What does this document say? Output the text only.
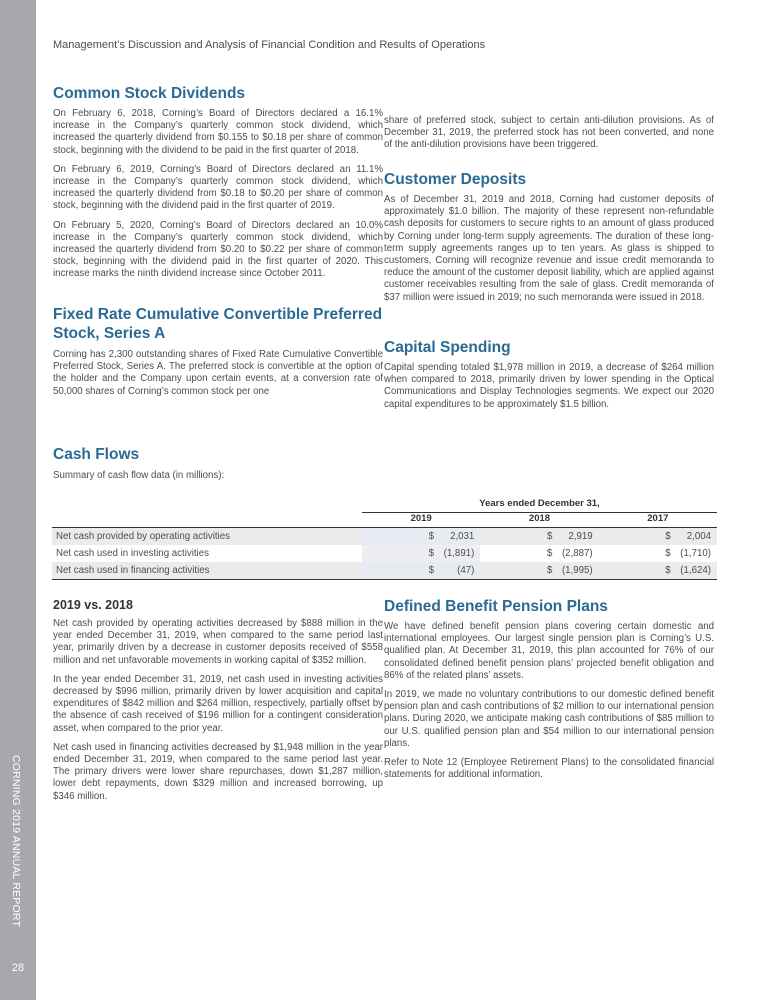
CORNING 2019 ANNUAL REPORT
28
Management’s Discussion and Analysis of Financial Condition and Results of Operations
Common Stock Dividends

On February 6, 2018, Corning’s Board of Directors declared a 16.1% increase in the Company’s quarterly common stock dividend, which increased the quarterly dividend from $0.155 to $0.18 per share of common stock, beginning with the dividend to be paid in the first quarter of 2018.

On February 6, 2019, Corning’s Board of Directors declared an 11.1% increase in the Company’s quarterly common stock dividend, which increased the quarterly dividend from $0.18 to $0.20 per share of common stock, beginning with the dividend paid in the first quarter of 2019.

On February 5, 2020, Corning’s Board of Directors declared an 10.0% increase in the Company’s quarterly common stock dividend, which increased the quarterly dividend from $0.20 to $0.22 per share of common stock, beginning with the dividend paid in the first quarter of 2020. This increase marks the ninth dividend increase since October 2011.

Fixed Rate Cumulative Convertible Preferred Stock, Series A

Corning has 2,300 outstanding shares of Fixed Rate Cumulative Convertible Preferred Stock, Series A. The preferred stock is convertible at the option of the holder and the Company upon certain events, at a conversion rate of 50,000 shares of Corning’s common stock per one

share of preferred stock, subject to certain anti-dilution provisions. As of December 31, 2019, the preferred stock has not been converted, and none of the anti-dilution provisions have been triggered.

Customer Deposits

As of December 31, 2019 and 2018, Corning had customer deposits of approximately $1.0 billion. The majority of these represent non-refundable cash deposits for customers to secure rights to an amount of glass produced by Corning under long-term supply agreements. The duration of these long-term supply agreements ranges up to ten years. As glass is shipped to customers, Corning will recognize revenue and issue credit memoranda to reduce the amount of the customer deposit liability, which are applied against customer receivables resulting from the sale of glass. Credit memoranda of $37 million were issued in 2019; no such memoranda were issued in 2018.

Capital Spending

Capital spending totaled $1,978 million in 2019, a decrease of $264 million when compared to 2018, primarily driven by lower spending in the Optical Communications and Display Technologies segments. We expect our 2020 capital expenditures to be approximately $1.5 billion.

Cash Flows
Summary of cash flow data (in millions):
Years ended December 31,
2019	2018	2017
Net cash provided by operating activities	$	2,031	$	2,919	$	2,004
Net cash used in investing activities	$ (1,891)	$ (2,887)	$ (1,710)
Net cash used in financing activities	$	(47)	$ (1,995)	$ (1,624)
2019 vs. 2018

Net cash provided by operating activities decreased by $888 million in the year ended December 31, 2019, when compared to the same period last year, primarily driven by a decrease in customer deposits received of $558 million and net unfavorable movements in working capital of $352 million.

In the year ended December 31, 2019, net cash used in investing activities decreased by $996 million, primarily driven by lower acquisition and capital expenditures of $842 million and $264 million, respectively, partially offset by the absence of cash received of $196 million for a contingent consideration asset, when compared to the prior year.

Net cash used in financing activities decreased by $1,948 million in the year ended December 31, 2019, when compared to the same period last year. The primary drivers were lower share repurchases, down $1,287 million, lower debt repayments, down $329 million and increased borrowing, up $346 million.

Defined Benefit Pension Plans

We have defined benefit pension plans covering certain domestic and international employees. Our largest single pension plan is Corning’s U.S. qualified plan. At December 31, 2019, this plan accounted for 76% of our consolidated defined benefit pension plans’ projected benefit obligation and 86% of the related plans’ assets.

In 2019, we made no voluntary contributions to our domestic defined benefit pension plan and cash contributions of $2 million to our international pension plans. During 2020, we anticipate making cash contributions of $85 million to our U.S. qualified pension plan and $54 million to our international pension plans.

Refer to Note 12 (Employee Retirement Plans) to the consolidated financial statements for additional information.
